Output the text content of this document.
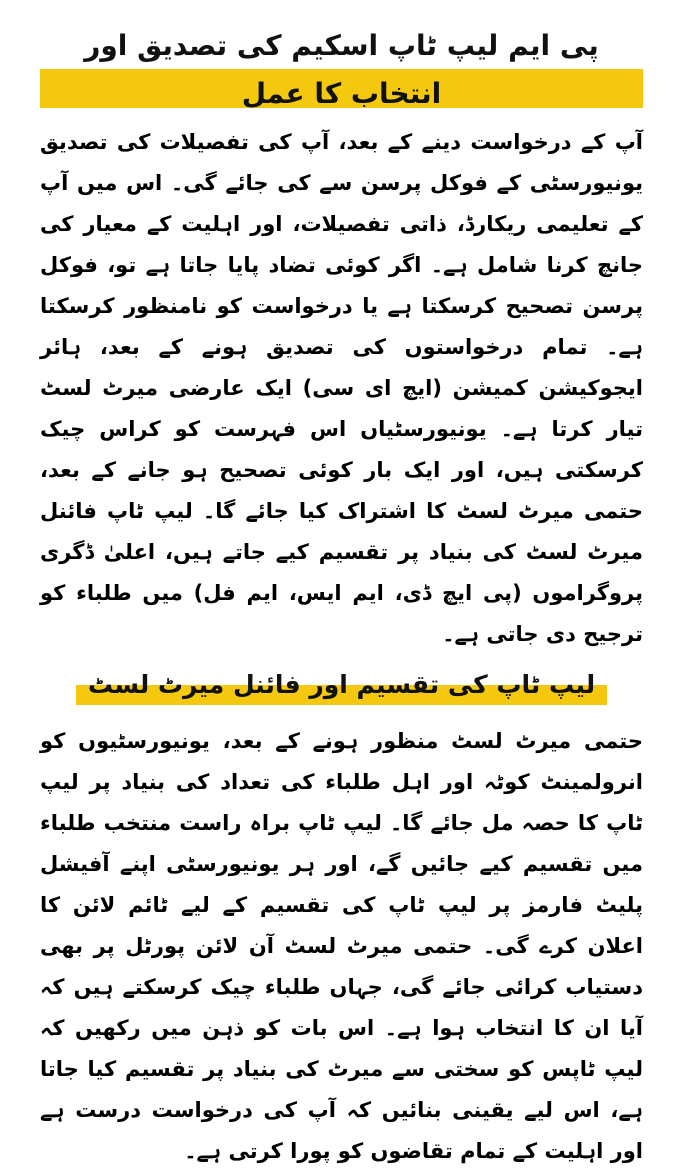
پی ایم لیپ ٹاپ اسکیم کی تصدیق اور انتخاب کا عمل

آپ کے درخواست دینے کے بعد، آپ کی تفصیلات کی تصدیق یونیورسٹی کے فوکل پرسن سے کی جائے گی۔ اس میں آپ کے تعلیمی ریکارڈ، ذاتی تفصیلات، اور اہلیت کے معیار کی جانچ کرنا شامل ہے۔ اگر کوئی تضاد پایا جاتا ہے تو، فوکل پرسن تصحیح کرسکتا ہے یا درخواست کو نامنظور کرسکتا ہے۔ تمام درخواستوں کی تصدیق ہونے کے بعد، ہائر ایجوکیشن کمیشن (ایچ ای سی) ایک عارضی میرٹ لسٹ تیار کرتا ہے۔ یونیورسٹیاں اس فہرست کو کراس چیک کرسکتی ہیں، اور ایک بار کوئی تصحیح ہو جانے کے بعد، حتمی میرٹ لسٹ کا اشتراک کیا جائے گا۔ لیپ ٹاپ فائنل میرٹ لسٹ کی بنیاد پر تقسیم کیے جاتے ہیں، اعلیٰ ڈگری پروگراموں (پی ایچ ڈی، ایم ایس، ایم فل) میں طلباء کو ترجیح دی جاتی ہے۔

لیپ ٹاپ کی تقسیم اور فائنل میرٹ لسٹ

حتمی میرٹ لسٹ منظور ہونے کے بعد، یونیورسٹیوں کو انرولمینٹ کوٹہ اور اہل طلباء کی تعداد کی بنیاد پر لیپ ٹاپ کا حصہ مل جائے گا۔ لیپ ٹاپ براہ راست منتخب طلباء میں تقسیم کیے جائیں گے، اور ہر یونیورسٹی اپنے آفیشل پلیٹ فارمز پر لیپ ٹاپ کی تقسیم کے لیے ٹائم لائن کا اعلان کرے گی۔ حتمی میرٹ لسٹ آن لائن پورٹل پر بھی دستیاب کرائی جائے گی، جہاں طلباء چیک کرسکتے ہیں کہ آیا ان کا انتخاب ہوا ہے۔ اس بات کو ذہن میں رکھیں کہ لیپ ٹاپس کو سختی سے میرٹ کی بنیاد پر تقسیم کیا جاتا ہے، اس لیے یقینی بنائیں کہ آپ کی درخواست درست ہے اور اہلیت کے تمام تقاضوں کو پورا کرتی ہے۔
